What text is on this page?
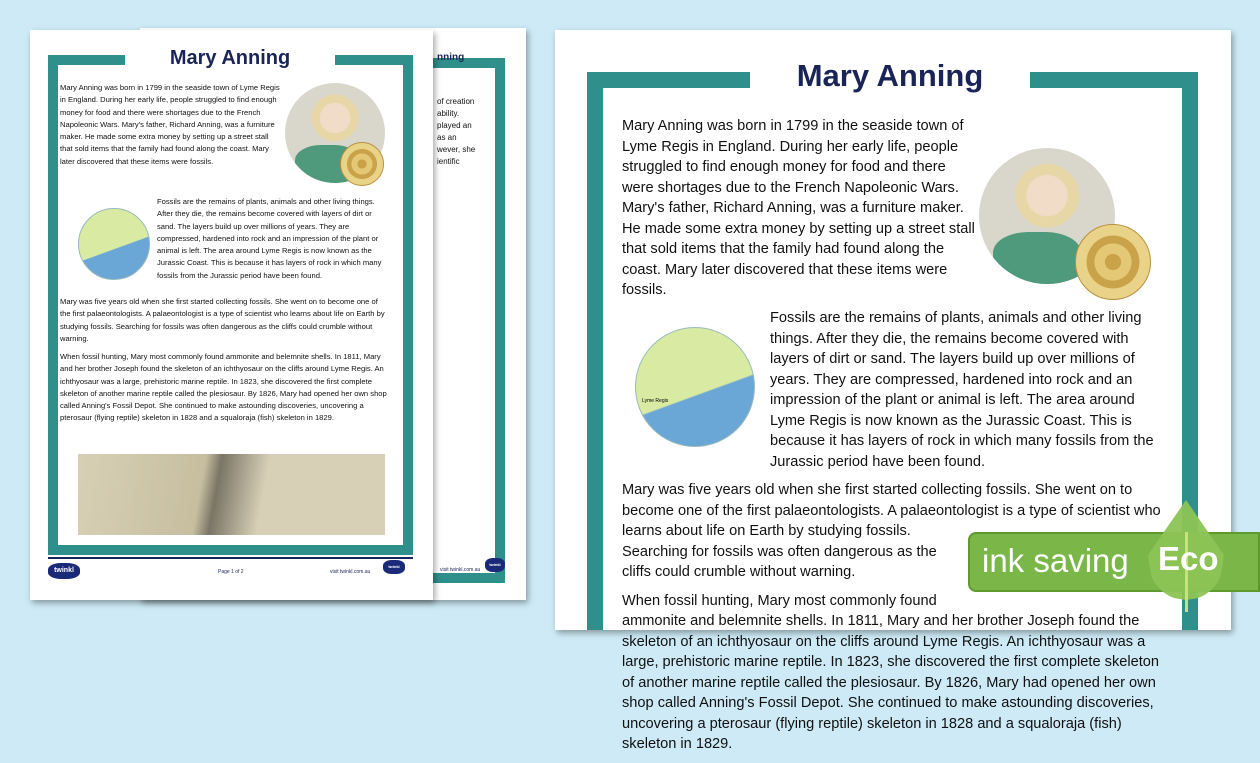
nning
of creation
ability.
played an
as an
wever, she
ientific
visit twinkl.com.au
twinkl
Mary Anning
Mary Anning was born in 1799 in the seaside town of Lyme Regis in England. During her early life, people struggled to find enough money for food and there were shortages due to the French Napoleonic Wars. Mary's father, Richard Anning, was a furniture maker. He made some extra money by setting up a street stall that sold items that the family had found along the coast. Mary later discovered that these items were fossils.
Fossils are the remains of plants, animals and other living things. After they die, the remains become covered with layers of dirt or sand. The layers build up over millions of years. They are compressed, hardened into rock and an impression of the plant or animal is left. The area around Lyme Regis is now known as the Jurassic Coast. This is because it has layers of rock in which many fossils from the Jurassic period have been found.
Mary was five years old when she first started collecting fossils. She went on to become one of the first palaeontologists. A palaeontologist is a type of scientist who learns about life on Earth by studying fossils. Searching for fossils was often dangerous as the cliffs could crumble without warning.
When fossil hunting, Mary most commonly found ammonite and belemnite shells. In 1811, Mary and her brother Joseph found the skeleton of an ichthyosaur on the cliffs around Lyme Regis. An ichthyosaur was a large, prehistoric marine reptile. In 1823, she discovered the first complete skeleton of another marine reptile called the plesiosaur. By 1826, Mary had opened her own shop called Anning's Fossil Depot. She continued to make astounding discoveries, uncovering a pterosaur (flying reptile) skeleton in 1828 and a squaloraja (fish) skeleton in 1829.
twinkl	Page 1 of 2	visit twinkl.com.au
twinkl
Mary Anning
Mary Anning was born in 1799 in the seaside town of Lyme Regis in England. During her early life, people struggled to find enough money for food and there were shortages due to the French Napoleonic Wars. Mary's father, Richard Anning, was a furniture maker. He made some extra money by setting up a street stall that sold items that the family had found along the coast. Mary later discovered that these items were fossils.
Lyme Regis
Fossils are the remains of plants, animals and other living things. After they die, the remains become covered with layers of dirt or sand. The layers build up over millions of years. They are compressed, hardened into rock and an impression of the plant or animal is left. The area around Lyme Regis is now known as the Jurassic Coast. This is because it has layers of rock in which many fossils from the Jurassic period have been found.

Mary was five years old when she first started collecting fossils. She went on to become one of the first palaeontologists. A palaeontologist is a type of scientist who learns about life on Earth by studying fossils. Searching for fossils was often dangerous as the cliffs could crumble without warning.

When fossil hunting, Mary most commonly found ammonite and belemnite shells. In 1811, Mary and her brother Joseph found the skeleton of an ichthyosaur on the cliffs around Lyme Regis. An ichthyosaur was a large, prehistoric marine reptile. In 1823, she discovered the first complete skeleton of another marine reptile called the plesiosaur. By 1826, Mary had opened her own shop called Anning's Fossil Depot. She continued to make astounding discoveries, uncovering a pterosaur (flying reptile) skeleton in 1828 and a squaloraja (fish) skeleton in 1829.

ink saving Eco
